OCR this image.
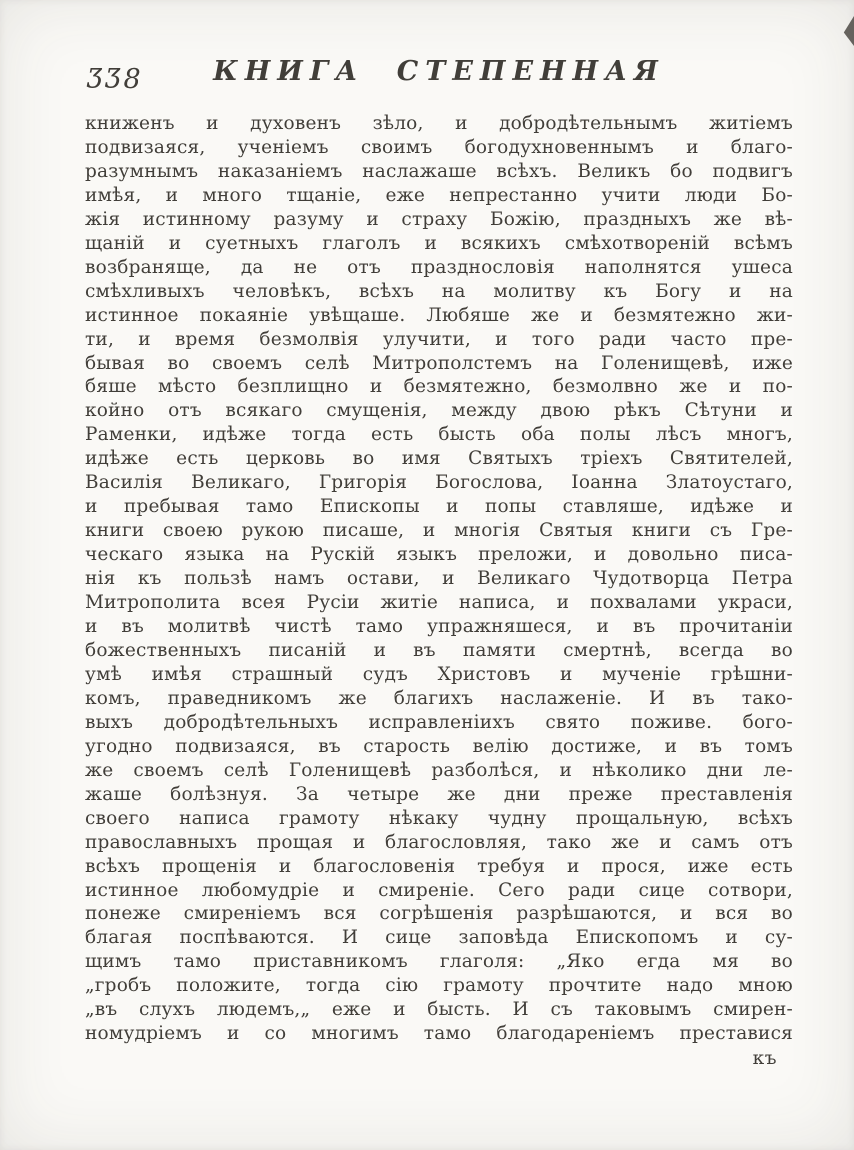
ƷƷ8	КНИГА СТЕПЕННАЯ
книженъ и духовенъ зѣло, и добродѣтельнымъ житіемъ
подвизаяся, ученіемъ своимъ богодухновеннымъ и благо-
разумнымъ наказаніемъ наслажаше всѣхъ. Великъ бо подвигъ
имѣя, и много тщаніе, еже непрестанно учити люди Бо-
жія истинному разуму и страху Божію, праздныхъ же вѣ-
щаній и суетныхъ глаголъ и всякихъ смѣхотвореній всѣмъ
возбраняще, да не отъ празднословія наполнятся ушеса
смѣхливыхъ человѣкъ, всѣхъ на молитву къ Богу и на
истинное покаяніе увѣщаше. Любяше же и безмятежно жи-
ти, и время безмолвія улучити, и того ради часто пре-
бывая во своемъ селѣ Митрополстемъ на Голенищевѣ, иже
бяше мѣсто безплищно и безмятежно, безмолвно же и по-
койно отъ всякаго смущенія, между двою рѣкъ Сѣтуни и
Раменки, идѣже тогда есть бысть оба полы лѣсъ многъ,
идѣже есть церковь во имя Святыхъ тріехъ Святителей,
Василія Великаго, Григорія Богослова, Іоанна Златоустаго,
и пребывая тамо Епископы и попы ставляше, идѣже и
книги своею рукою писаше, и многія Святыя книги съ Гре-
ческаго языка на Рускій языкъ преложи, и довольно писа-
нія къ пользѣ намъ остави, и Великаго Чудотворца Петра
Митрополита всея Русіи житіе написа, и похвалами украси,
и въ молитвѣ чистѣ тамо упражняшеся, и въ прочитаніи
божественныхъ писаній и въ памяти смертнѣ, всегда во
умѣ имѣя страшный судъ Христовъ и мученіе грѣшни-
комъ, праведникомъ же благихъ наслаженіе. И въ тако-
выхъ добродѣтельныхъ исправленіихъ свято поживе. бого-
угодно подвизаяся, въ старость велію достиже, и въ томъ
же своемъ селѣ Голенищевѣ разболѣся, и нѣколико дни ле-
жаше болѣзнуя. За четыре же дни преже преставленія
своего написа грамоту нѣкаку чудну прощальную, всѣхъ
православныхъ прощая и благословляя, тако же и самъ отъ
всѣхъ прощенія и благословенія требуя и прося, иже есть
истинное любомудріе и смиреніе. Сего ради сице сотвори,
понеже смиреніемъ вся согрѣшенія разрѣшаются, и вся во
благая поспѣваются. И сице заповѣда Епископомъ и су-
щимъ тамо приставникомъ глаголя: „Яко егда мя во
„гробъ положите, тогда сію грамоту прочтите надо мною
„въ слухъ людемъ,„ еже и бысть. И съ таковымъ смирен-
номудріемъ и со многимъ тамо благодареніемъ преставися
къ
